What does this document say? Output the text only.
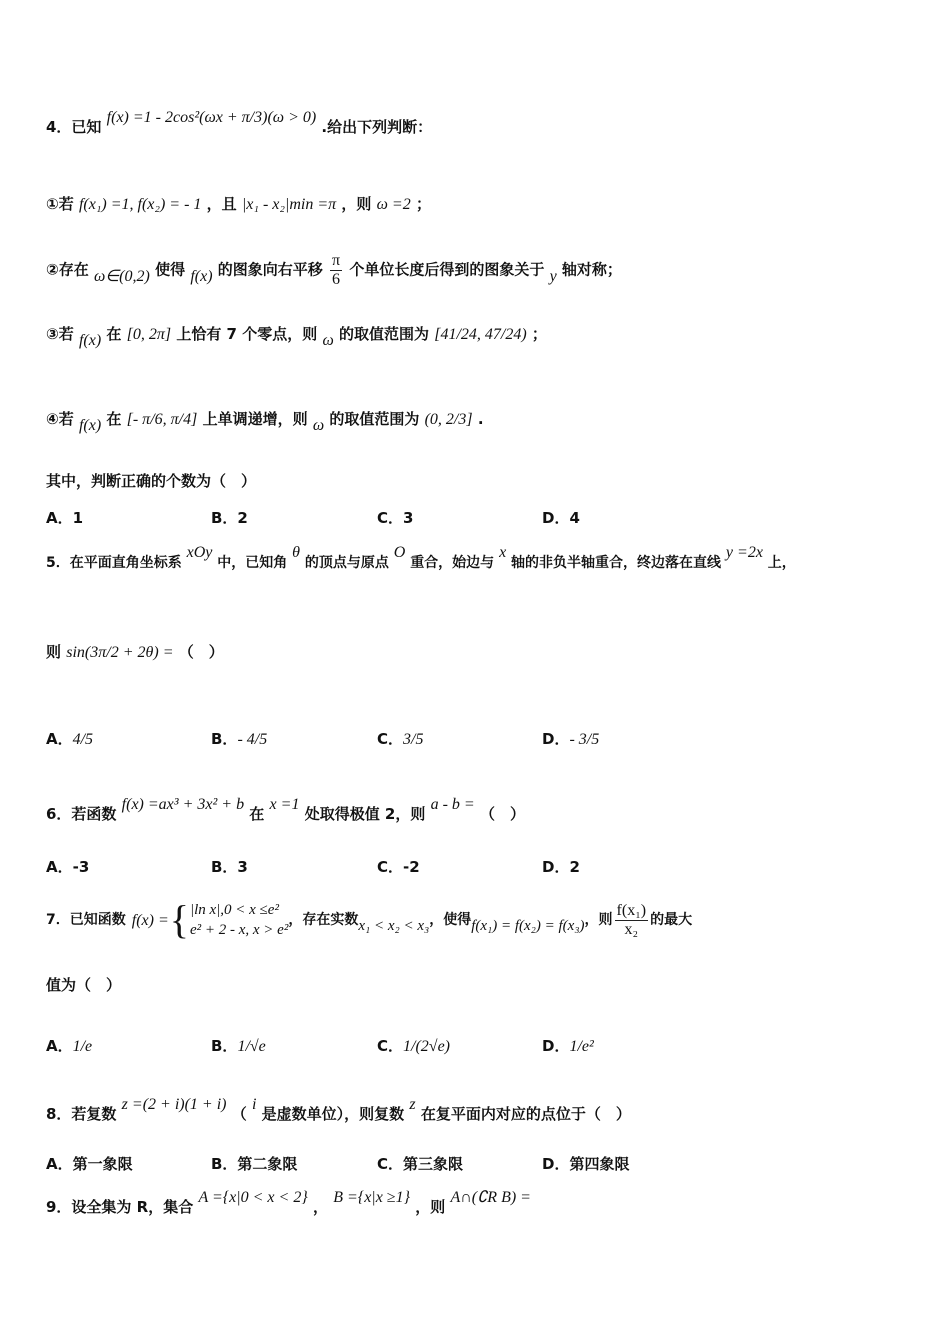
4．已知 f(x) =1 - 2cos²(ωx + π/3)(ω > 0) .给出下列判断：
①若 f(x₁) =1, f(x₂) = - 1 ，且 |x₁ - x₂|min =π ，则 ω =2 ；
②存在 ω∈(0,2) 使得 f(x) 的图象向右平移 $\frac{\pi}{6}$ 个单位长度后得到的图象关于 y 轴对称；
③若 f(x) 在 [0, 2π] 上恰有 7 个零点，则 ω 的取值范围为 [41/24, 47/24) ；
④若 f(x) 在 [- π/6, π/4] 上单调递增，则 ω 的取值范围为 (0, 2/3] .
其中，判断正确的个数为（　）
A．1	B．2	C．3	D．4
5．在平面直角坐标系 xOy 中，已知角 θ 的顶点与原点 O 重合，始边与 x 轴的非负半轴重合，终边落在直线 y =2x 上，
则 sin(3π/2 + 2θ) = （　）
A．4/5	B．- 4/5	C．3/5	D．- 3/5
6．若函数 f(x) =ax³ + 3x² + b 在 x =1 处取得极值 2，则 a - b = （　）
A．-3	B．3	C．-2	D．2
7．已知函数 f(x) = { |ln x|,0 < x ≤e²
e² + 2 - x, x > e²
，存在实数 x₁ < x₂ < x₃ ，使得 f(x₁) = f(x₂) = f(x₃) ，则 $\frac{\text{f(x₁)}}{\text{x₂}}$ 的最大
值为（　）
A．1/e	B．1/√e	C．1/(2√e)	D．1/e²
8．若复数 z =(2 + i)(1 + i) （ i 是虚数单位），则复数 z 在复平面内对应的点位于（　）
A．第一象限	B．第二象限	C．第三象限	D．第四象限
9．设全集为 R，集合 A ={x|0 < x < 2} ， B ={x|x ≥1} ，则 A∩(∁R B) =
